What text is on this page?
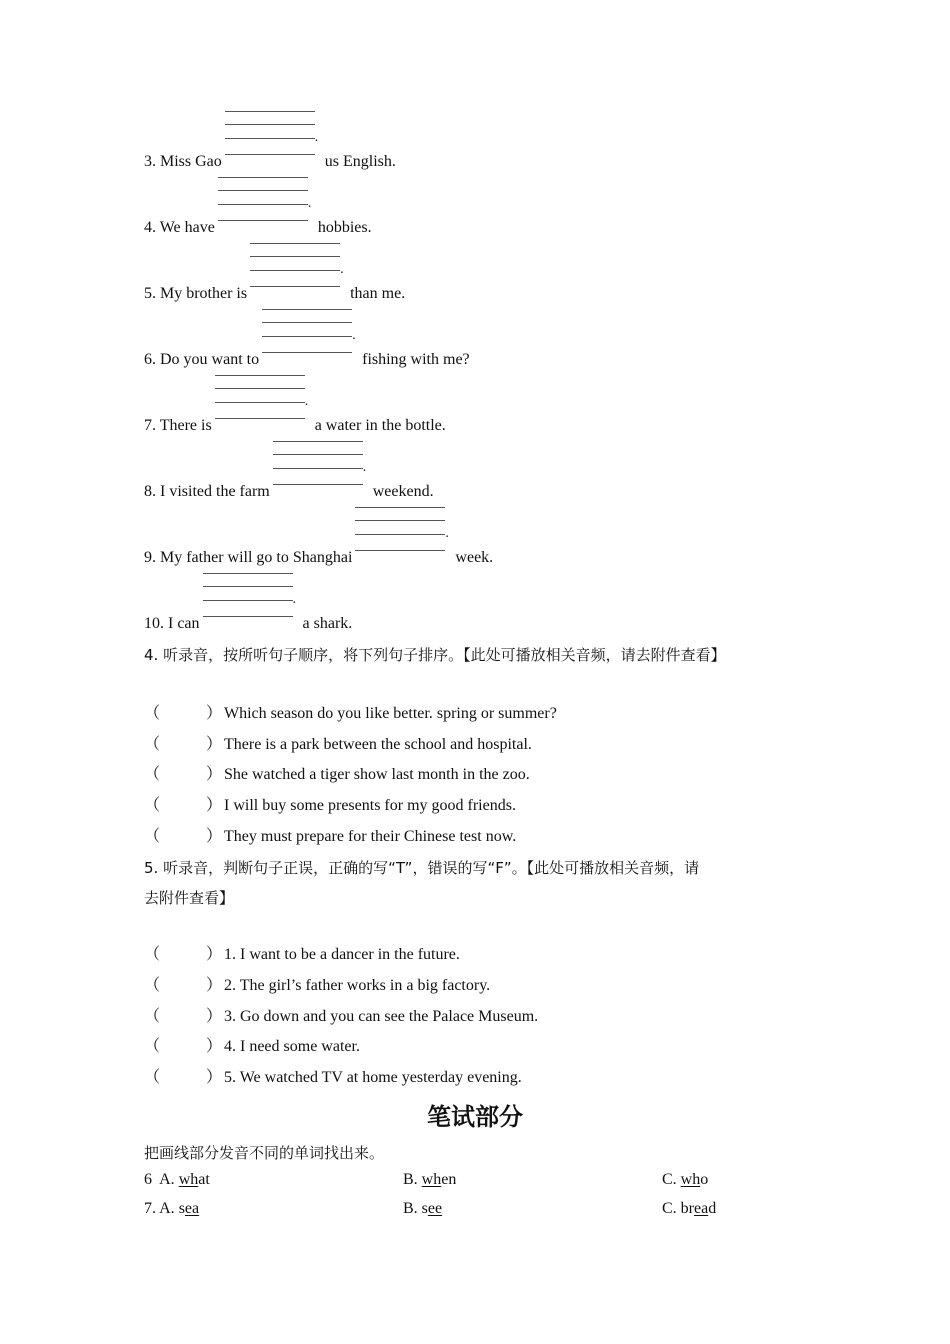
3. Miss Gao
.
us English.
4. We have
.
hobbies.
5. My brother is
.
than me.
6. Do you want to
.
fishing with me?
7. There is
.
a water in the bottle.
8. I visited the farm
.
weekend.
9. My father will go to Shanghai
.
week.
10. I can
.
a shark.
4. 听录音，按所听句子顺序，将下列句子排序。【此处可播放相关音频，请去附件查看】
（	） Which season do you like better. spring or summer?
（	） There is a park between the school and hospital.
（	） She watched a tiger show last month in the zoo.
（	） I will buy some presents for my good friends.
（	） They must prepare for their Chinese test now.
5. 听录音，判断句子正误，正确的写“T”，错误的写“F”。【此处可播放相关音频，请
去附件查看】
（	） 1. I want to be a dancer in the future.
（	） 2. The girl’s father works in a big factory.
（	） 3. Go down and you can see the Palace Museum.
（	） 4. I need some water.
（	） 5. We watched TV at home yesterday evening.
笔试部分
把画线部分发音不同的单词找出来。
6 A. what	B. when	C. who
7. A. sea	B. see	C. bread
